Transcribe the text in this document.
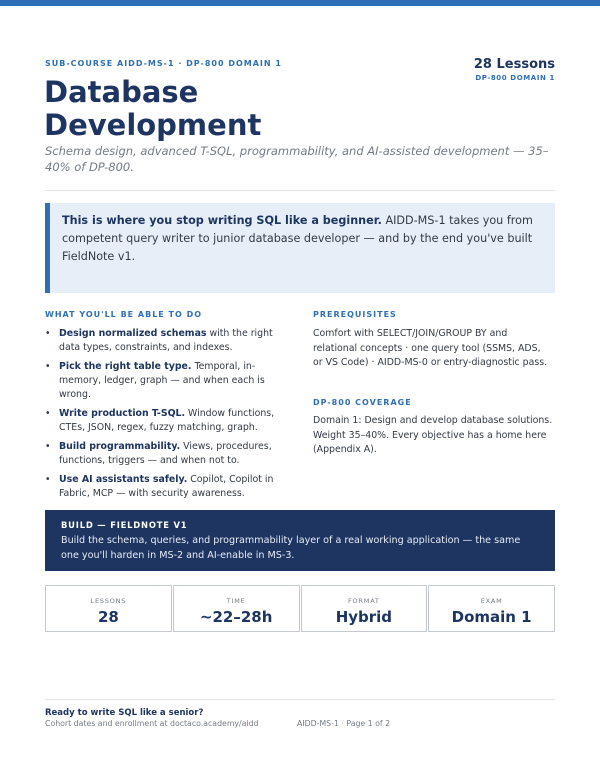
SUB-COURSE AIDD-MS-1 · DP-800 DOMAIN 1	28 Lessons
DP-800 DOMAIN 1
Database Development

Schema design, advanced T-SQL, programmability, and AI-assisted development — 35–40% of DP-800.

This is where you stop writing SQL like a beginner. AIDD-MS-1 takes you from competent query writer to junior database developer — and by the end you've built FieldNote v1.

WHAT YOU'LL BE ABLE TO DO
• Design normalized schemas with the right data types, constraints, and indexes.
• Pick the right table type. Temporal, in-memory, ledger, graph — and when each is wrong.
• Write production T-SQL. Window functions, CTEs, JSON, regex, fuzzy matching, graph.
• Build programmability. Views, procedures, functions, triggers — and when not to.
• Use AI assistants safely. Copilot, Copilot in Fabric, MCP — with security awareness.
PREREQUISITES

Comfort with SELECT/JOIN/GROUP BY and relational concepts · one query tool (SSMS, ADS, or VS Code) · AIDD-MS-0 or entry-diagnostic pass.

DP-800 COVERAGE

Domain 1: Design and develop database solutions. Weight 35–40%. Every objective has a home here (Appendix A).

BUILD — FIELDNOTE V1
Build the schema, queries, and programmability layer of a real working application — the same one you'll harden in MS-2 and AI-enable in MS-3.
LESSONS
28
TIME
~22–28h
FORMAT
Hybrid
EXAM
Domain 1
Ready to write SQL like a senior?
Cohort dates and enrollment at doctaco.academy/aidd	AIDD-MS-1 · Page 1 of 2
